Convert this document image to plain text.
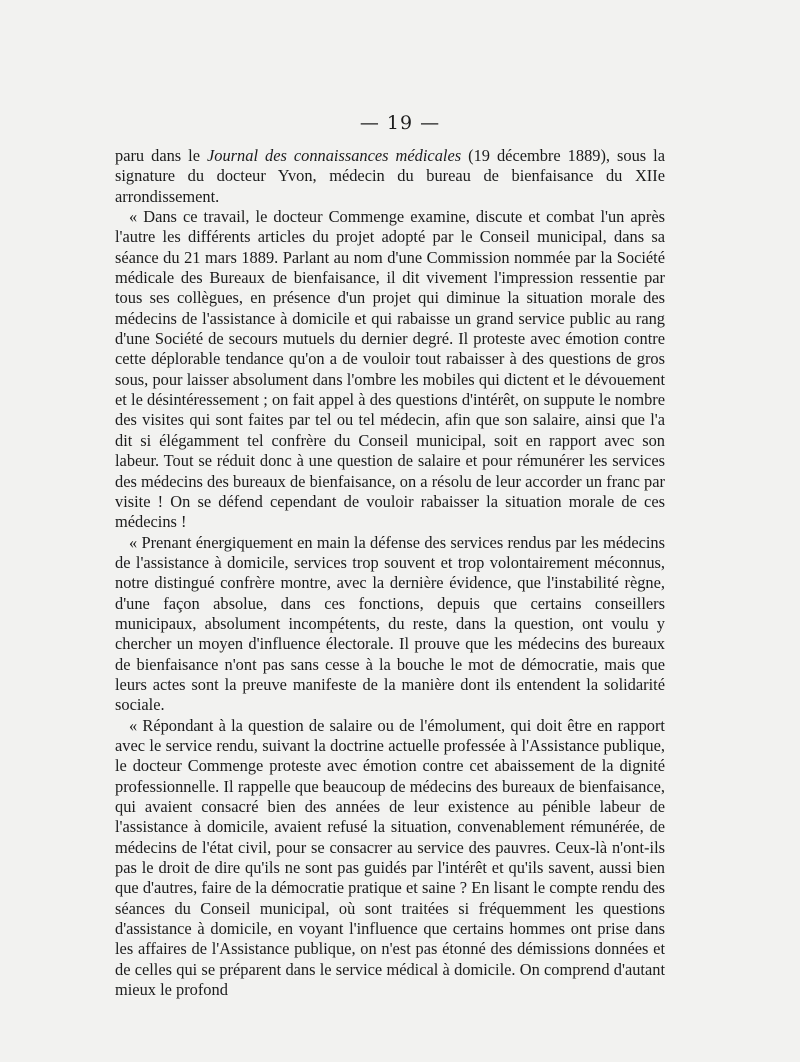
— 19 —

paru dans le Journal des connaissances médicales (19 décembre 1889), sous la signature du docteur Yvon, médecin du bureau de bienfaisance du XIIe arrondissement.

« Dans ce travail, le docteur Commenge examine, discute et combat l'un après l'autre les différents articles du projet adopté par le Conseil municipal, dans sa séance du 21 mars 1889. Parlant au nom d'une Commission nommée par la Société médicale des Bureaux de bienfaisance, il dit vivement l'impression ressentie par tous ses collègues, en présence d'un projet qui diminue la situation morale des médecins de l'assistance à domicile et qui rabaisse un grand service public au rang d'une Société de secours mutuels du dernier degré. Il proteste avec émotion contre cette déplorable tendance qu'on a de vouloir tout rabaisser à des questions de gros sous, pour laisser absolument dans l'ombre les mobiles qui dictent et le dévouement et le désintéressement ; on fait appel à des questions d'intérêt, on suppute le nombre des visites qui sont faites par tel ou tel médecin, afin que son salaire, ainsi que l'a dit si élégamment tel confrère du Conseil municipal, soit en rapport avec son labeur. Tout se réduit donc à une question de salaire et pour rémunérer les services des médecins des bureaux de bienfaisance, on a résolu de leur accorder un franc par visite ! On se défend cependant de vouloir rabaisser la situation morale de ces médecins !

« Prenant énergiquement en main la défense des services rendus par les médecins de l'assistance à domicile, services trop souvent et trop volontairement méconnus, notre distingué confrère montre, avec la dernière évidence, que l'instabilité règne, d'une façon absolue, dans ces fonctions, depuis que certains conseillers municipaux, absolument incompétents, du reste, dans la question, ont voulu y chercher un moyen d'influence électorale. Il prouve que les médecins des bureaux de bienfaisance n'ont pas sans cesse à la bouche le mot de démocratie, mais que leurs actes sont la preuve manifeste de la manière dont ils entendent la solidarité sociale.

« Répondant à la question de salaire ou de l'émolument, qui doit être en rapport avec le service rendu, suivant la doctrine actuelle professée à l'Assistance publique, le docteur Commenge proteste avec émotion contre cet abaissement de la dignité professionnelle. Il rappelle que beaucoup de médecins des bureaux de bienfaisance, qui avaient consacré bien des années de leur existence au pénible labeur de l'assistance à domicile, avaient refusé la situation, convenablement rémunérée, de médecins de l'état civil, pour se consacrer au service des pauvres. Ceux-là n'ont-ils pas le droit de dire qu'ils ne sont pas guidés par l'intérêt et qu'ils savent, aussi bien que d'autres, faire de la démocratie pratique et saine ? En lisant le compte rendu des séances du Conseil municipal, où sont traitées si fréquemment les questions d'assistance à domicile, en voyant l'influence que certains hommes ont prise dans les affaires de l'Assistance publique, on n'est pas étonné des démissions données et de celles qui se préparent dans le service médical à domicile. On comprend d'autant mieux le profond
